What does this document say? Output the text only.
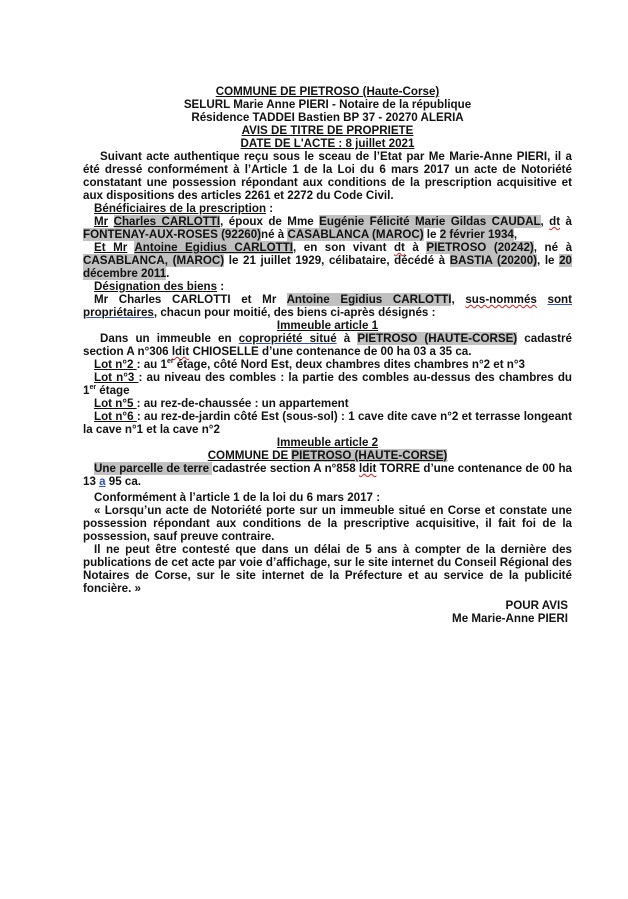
COMMUNE DE PIETROSO (Haute-Corse)

SELURL Marie Anne PIERI - Notaire de la république

Résidence TADDEI Bastien BP 37 - 20270 ALERIA

AVIS DE TITRE DE PROPRIETE

DATE DE L'ACTE : 8 juillet 2021

Suivant acte authentique reçu sous le sceau de l’Etat par Me Marie-Anne PIERI, il a été dressé conformément à l’Article 1 de la Loi du 6 mars 2017 un acte de Notoriété constatant une possession répondant aux conditions de la prescription acquisitive et aux dispositions des articles 2261 et 2272 du Code Civil.

Bénéficiaires de la prescription :

Mr Charles CARLOTTI, époux de Mme Eugénie Félicité Marie Gildas CAUDAL, dt à FONTENAY-AUX-ROSES (92260)né à CASABLANCA (MAROC) le 2 février 1934,

Et Mr Antoine Egidius CARLOTTI, en son vivant dt à PIETROSO (20242), né à CASABLANCA, (MAROC) le 21 juillet 1929, célibataire, décédé à BASTIA (20200), le 20 décembre 2011.

Désignation des biens :

Mr Charles CARLOTTI et Mr Antoine Egidius CARLOTTI, sus-nommés sont propriétaires, chacun pour moitié, des biens ci-après désignés :

Immeuble article 1

Dans un immeuble en copropriété situé à PIETROSO (HAUTE-CORSE) cadastré section A n°306 ldit CHIOSELLE d’une contenance de 00 ha 03 a 35 ca.

Lot n°2 : au 1er étage, côté Nord Est, deux chambres dites chambres n°2 et n°3

Lot n°3 : au niveau des combles : la partie des combles au-dessus des chambres du 1er étage

Lot n°5 : au rez-de-chaussée : un appartement

Lot n°6 : au rez-de-jardin côté Est (sous-sol) : 1 cave dite cave n°2 et terrasse longeant la cave n°1 et la cave n°2

Immeuble article 2

COMMUNE DE PIETROSO (HAUTE-CORSE)

Une parcelle de terre cadastrée section A n°858 ldit TORRE d’une contenance de 00 ha 13 a 95 ca.

Conformément à l’article 1 de la loi du 6 mars 2017 :

« Lorsqu’un acte de Notoriété porte sur un immeuble situé en Corse et constate une possession répondant aux conditions de la prescriptive acquisitive, il fait foi de la possession, sauf preuve contraire.

Il ne peut être contesté que dans un délai de 5 ans à compter de la dernière des publications de cet acte par voie d’affichage, sur le site internet du Conseil Régional des Notaires de Corse, sur le site internet de la Préfecture et au service de la publicité foncière. »

POUR AVIS

Me Marie-Anne PIERI
